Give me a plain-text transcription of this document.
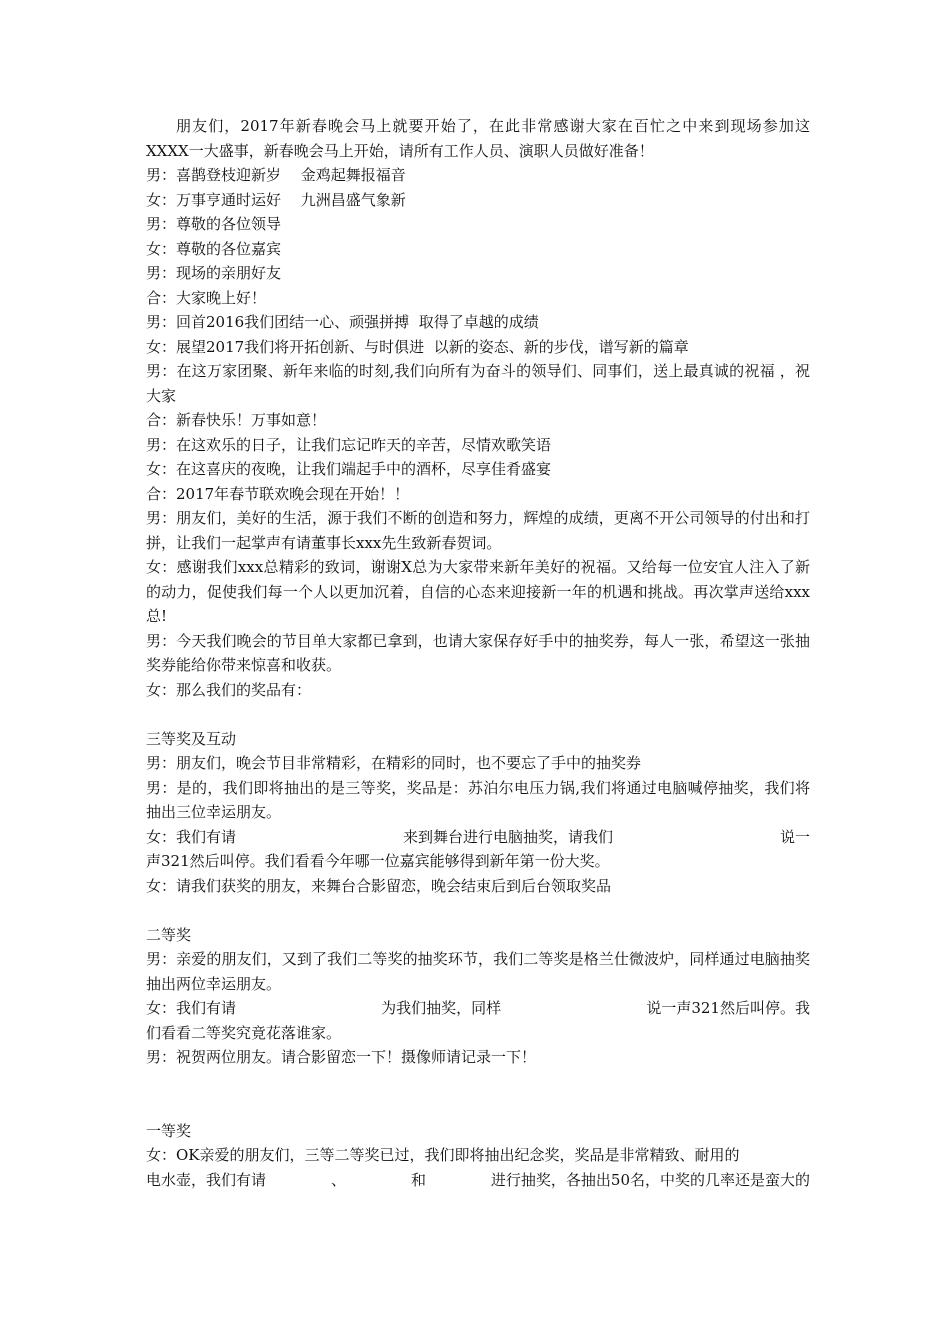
朋友们，2017年新春晚会马上就要开始了，在此非常感谢大家在百忙之中来到现场参加这XXXX一大盛事，新春晚会马上开始，请所有工作人员、演职人员做好准备！

男：喜鹊登枝迎新岁　 金鸡起舞报福音

女：万事亨通时运好　 九洲昌盛气象新

男：尊敬的各位领导

女：尊敬的各位嘉宾

男：现场的亲朋好友

合：大家晚上好！

男：回首2016我们团结一心、顽强拼搏  取得了卓越的成绩

女：展望2017我们将开拓创新、与时俱进  以新的姿态、新的步伐，谱写新的篇章

男：在这万家团聚、新年来临的时刻,我们向所有为奋斗的领导们、同事们，送上最真诚的祝福 ，祝大家

合：新春快乐！万事如意！

男：在这欢乐的日子，让我们忘记昨天的辛苦，尽情欢歌笑语

女：在这喜庆的夜晚，让我们端起手中的酒杯，尽享佳肴盛宴

合：2017年春节联欢晚会现在开始！！

男：朋友们，美好的生活，源于我们不断的创造和努力，辉煌的成绩，更离不开公司领导的付出和打拼，让我们一起掌声有请董事长xxx先生致新春贺词。

女：感谢我们xxx总精彩的致词，谢谢X总为大家带来新年美好的祝福。又给每一位安宜人注入了新的动力，促使我们每一个人以更加沉着，自信的心态来迎接新一年的机遇和挑战。再次掌声送给xxx总!

男：今天我们晚会的节目单大家都已拿到，也请大家保存好手中的抽奖券，每人一张，希望这一张抽奖券能给你带来惊喜和收获。

女：那么我们的奖品有：

三等奖及互动

男：朋友们，晚会节目非常精彩，在精彩的同时，也不要忘了手中的抽奖券

男：是的，我们即将抽出的是三等奖，奖品是：苏泊尔电压力锅,我们将通过电脑喊停抽奖，我们将抽出三位幸运朋友。

女：我们有请	来到舞台进行电脑抽奖，请我们	说一

声321然后叫停。我们看看今年哪一位嘉宾能够得到新年第一份大奖。

女：请我们获奖的朋友，来舞台合影留恋，晚会结束后到后台领取奖品

二等奖

男：亲爱的朋友们，又到了我们二等奖的抽奖环节，我们二等奖是格兰仕微波炉，同样通过电脑抽奖抽出两位幸运朋友。

女：我们有请	为我们抽奖，同样	说一声321然后叫停。我

们看看二等奖究竟花落谁家。

男：祝贺两位朋友。请合影留恋一下！摄像师请记录一下！

一等奖

女：OK亲爱的朋友们，三等二等奖已过，我们即将抽出纪念奖，奖品是非常精致、耐用的

电水壶，我们有请	、	和	进行抽奖，各抽出50名，中奖的几率还是蛮大的
